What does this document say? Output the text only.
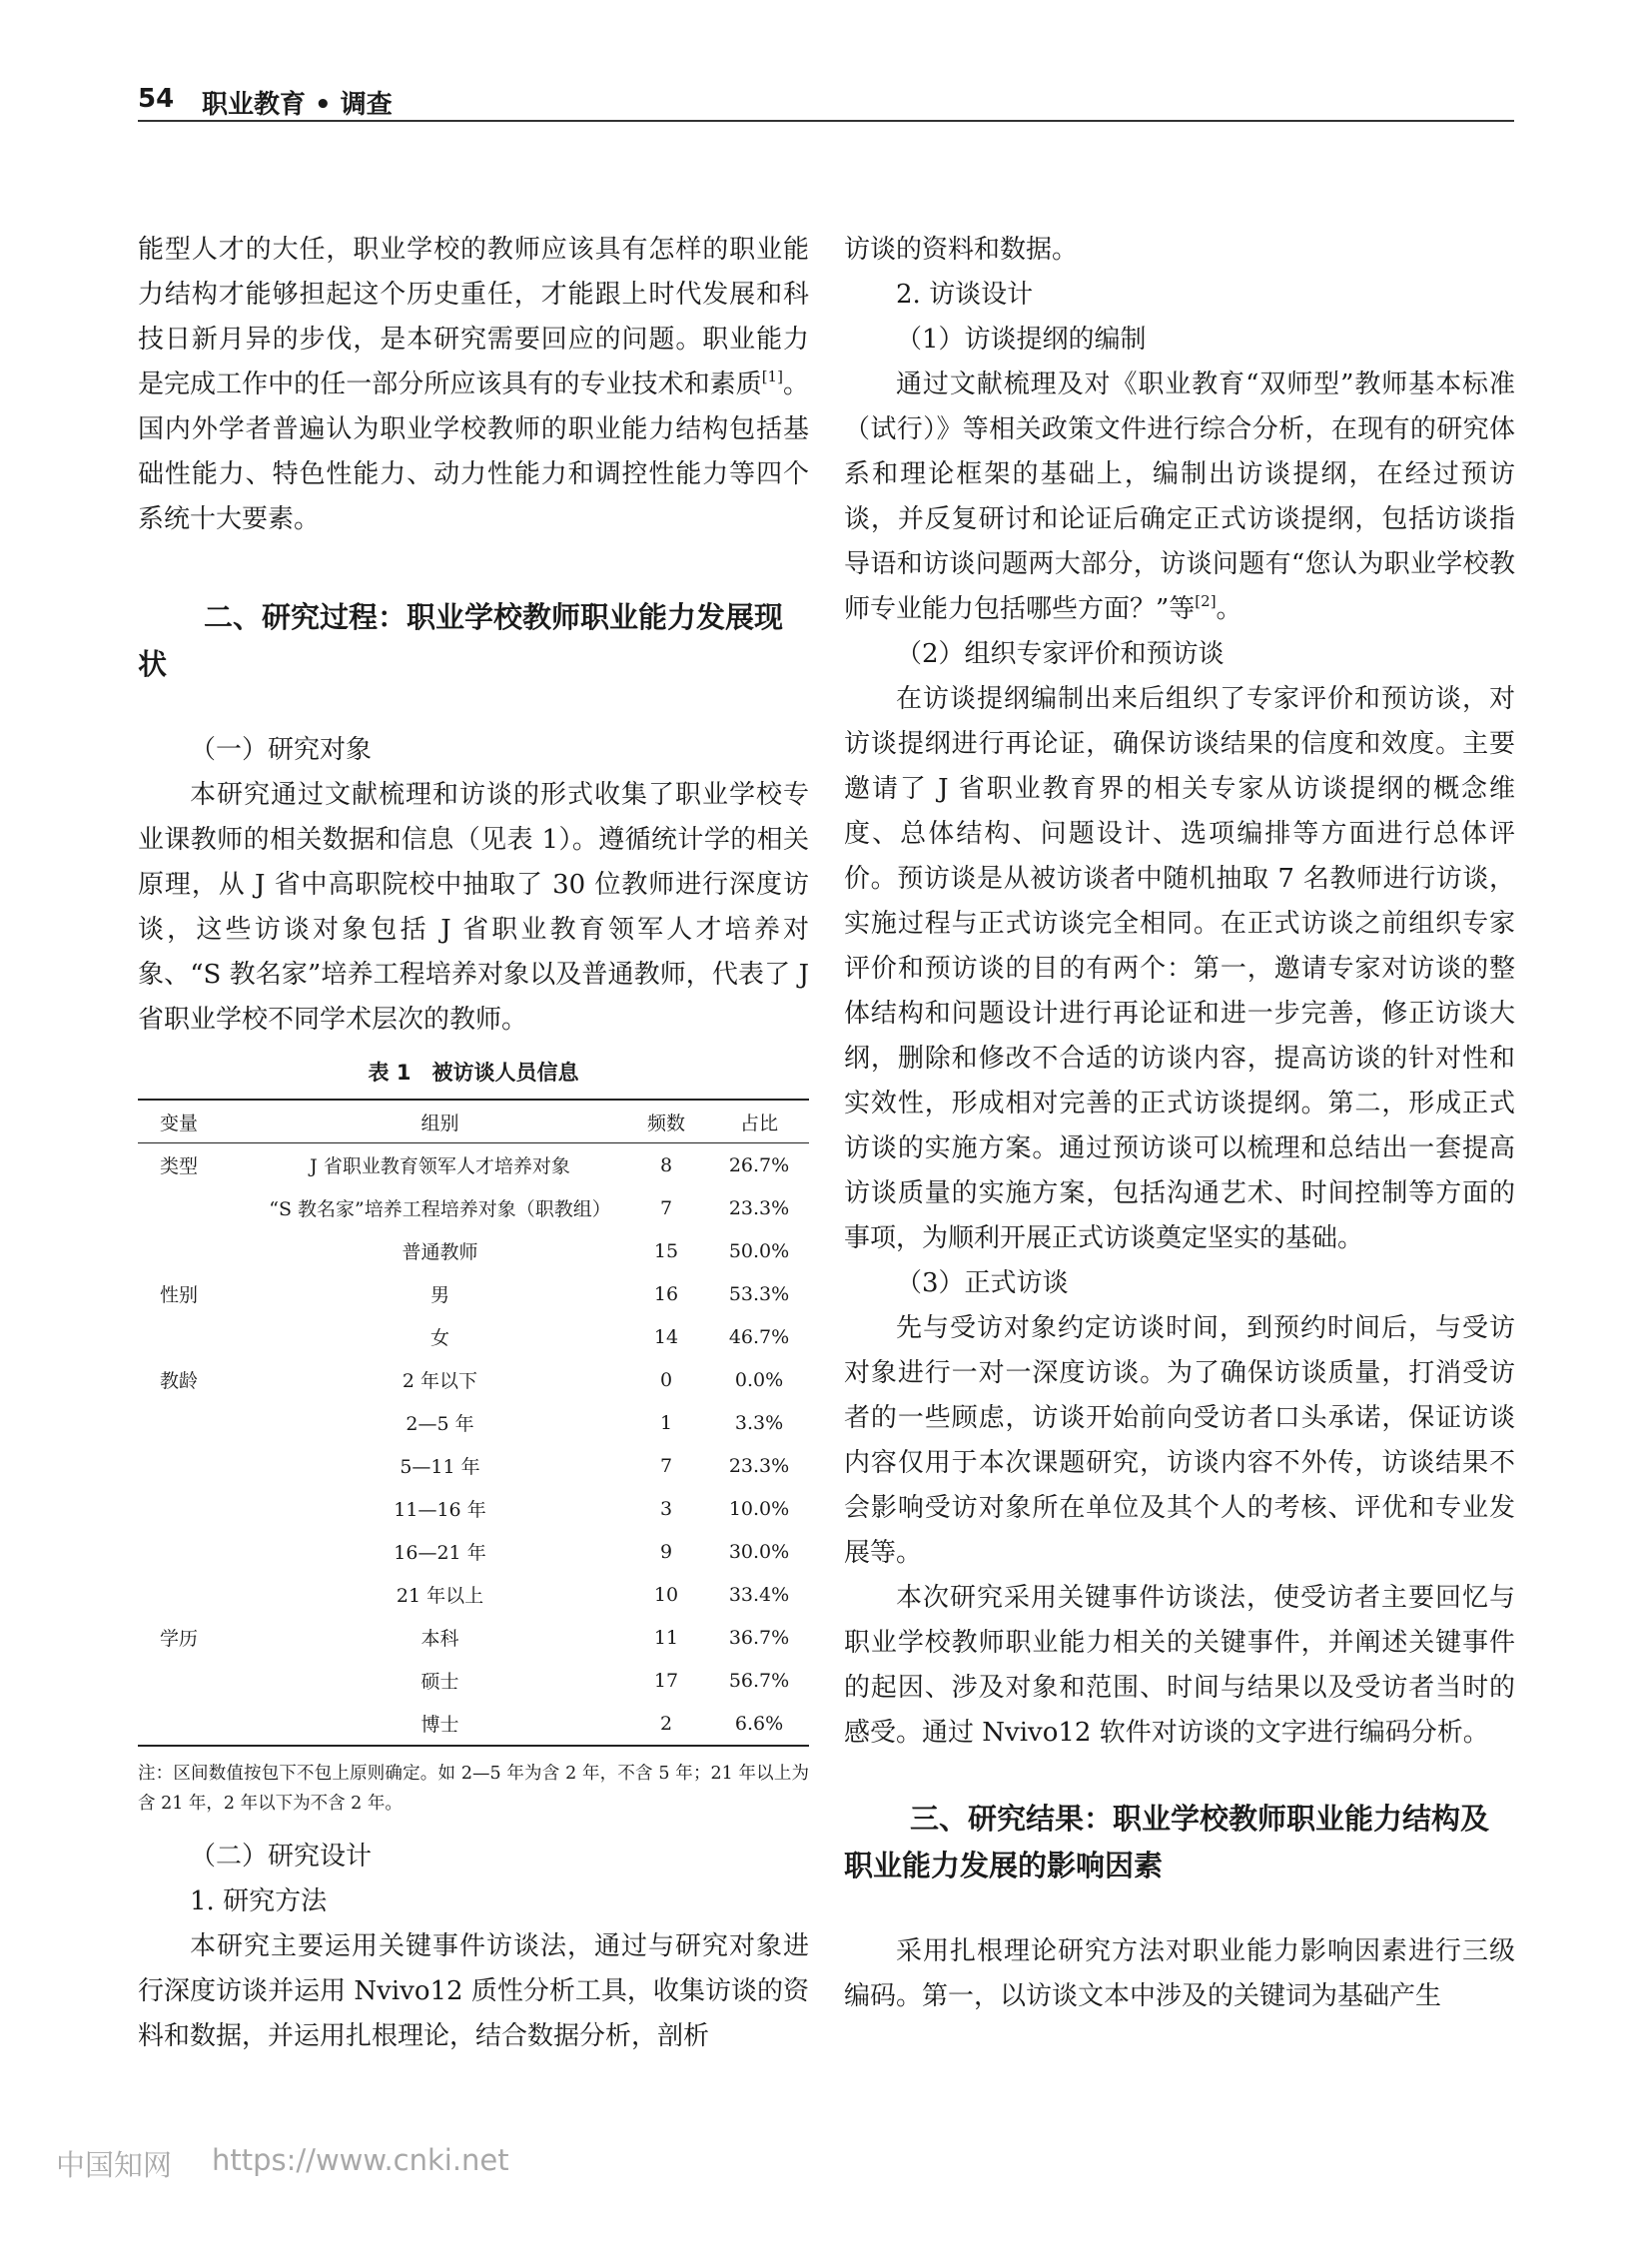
54 职业教育 • 调查

能型人才的大任，职业学校的教师应该具有怎样的职业能力结构才能够担起这个历史重任，才能跟上时代发展和科技日新月异的步伐，是本研究需要回应的问题。职业能力是完成工作中的任一部分所应该具有的专业技术和素质[1]。国内外学者普遍认为职业学校教师的职业能力结构包括基础性能力、特色性能力、动力性能力和调控性能力等四个系统十大要素。

二、研究过程：职业学校教师职业能力发展现状
（一）研究对象

本研究通过文献梳理和访谈的形式收集了职业学校专业课教师的相关数据和信息（见表 1）。遵循统计学的相关原理，从 J 省中高职院校中抽取了 30 位教师进行深度访谈，这些访谈对象包括 J 省职业教育领军人才培养对象、“S 教名家”培养工程培养对象以及普通教师，代表了 J 省职业学校不同学术层次的教师。

表 1　被访谈人员信息
变量	组别	频数	占比
类型	J 省职业教育领军人才培养对象	8	26.7%
	“S 教名家”培养工程培养对象（职教组）	7	23.3%
	普通教师	15	50.0%
性别	男	16	53.3%
	女	14	46.7%
教龄	2 年以下	0	0.0%
	2—5 年	1	3.3%
	5—11 年	7	23.3%
	11—16 年	3	10.0%
	16—21 年	9	30.0%
	21 年以上	10	33.4%
学历	本科	11	36.7%
	硕士	17	56.7%
	博士	2	6.6%
注：区间数值按包下不包上原则确定。如 2—5 年为含 2 年，不含 5 年；21 年以上为含 21 年，2 年以下为不含 2 年。
（二）研究设计
1. 研究方法

本研究主要运用关键事件访谈法，通过与研究对象进行深度访谈并运用 Nvivo12 质性分析工具，收集访谈的资料和数据，并运用扎根理论，结合数据分析，剖析

访谈的资料和数据。

2. 访谈设计
（1）访谈提纲的编制

通过文献梳理及对《职业教育“双师型”教师基本标准（试行）》等相关政策文件进行综合分析，在现有的研究体系和理论框架的基础上，编制出访谈提纲，在经过预访谈，并反复研讨和论证后确定正式访谈提纲，包括访谈指导语和访谈问题两大部分，访谈问题有“您认为职业学校教师专业能力包括哪些方面？”等[2]。

（2）组织专家评价和预访谈

在访谈提纲编制出来后组织了专家评价和预访谈，对访谈提纲进行再论证，确保访谈结果的信度和效度。主要邀请了 J 省职业教育界的相关专家从访谈提纲的概念维度、总体结构、问题设计、选项编排等方面进行总体评价。预访谈是从被访谈者中随机抽取 7 名教师进行访谈，实施过程与正式访谈完全相同。在正式访谈之前组织专家评价和预访谈的目的有两个：第一，邀请专家对访谈的整体结构和问题设计进行再论证和进一步完善，修正访谈大纲，删除和修改不合适的访谈内容，提高访谈的针对性和实效性，形成相对完善的正式访谈提纲。第二，形成正式访谈的实施方案。通过预访谈可以梳理和总结出一套提高访谈质量的实施方案，包括沟通艺术、时间控制等方面的事项，为顺利开展正式访谈奠定坚实的基础。

（3）正式访谈

先与受访对象约定访谈时间，到预约时间后，与受访对象进行一对一深度访谈。为了确保访谈质量，打消受访者的一些顾虑，访谈开始前向受访者口头承诺，保证访谈内容仅用于本次课题研究，访谈内容不外传，访谈结果不会影响受访对象所在单位及其个人的考核、评优和专业发展等。

本次研究采用关键事件访谈法，使受访者主要回忆与职业学校教师职业能力相关的关键事件，并阐述关键事件的起因、涉及对象和范围、时间与结果以及受访者当时的感受。通过 Nvivo12 软件对访谈的文字进行编码分析。

三、研究结果：职业学校教师职业能力结构及职业能力发展的影响因素

采用扎根理论研究方法对职业能力影响因素进行三级编码。第一，以访谈文本中涉及的关键词为基础产生

中国知网 https://www.cnki.net
